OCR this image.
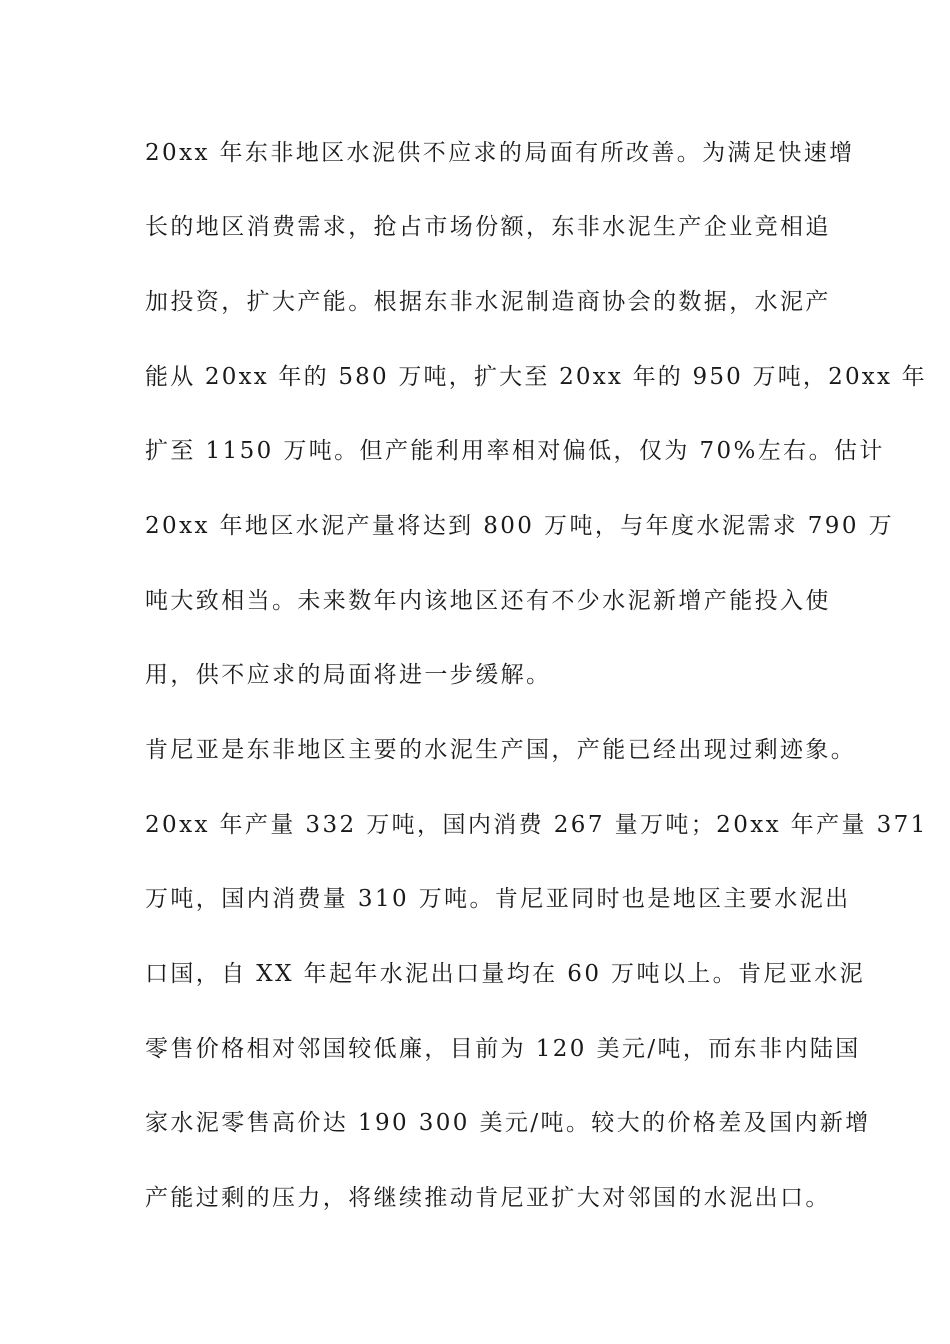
20xx 年东非地区水泥供不应求的局面有所改善。为满足快速增
长的地区消费需求，抢占市场份额，东非水泥生产企业竞相追
加投资，扩大产能。根据东非水泥制造商协会的数据，水泥产
能从 20xx 年的 580 万吨，扩大至 20xx 年的 950 万吨，20xx 年
扩至 1150 万吨。但产能利用率相对偏低，仅为 70%左右。估计
20xx 年地区水泥产量将达到 800 万吨，与年度水泥需求 790 万
吨大致相当。未来数年内该地区还有不少水泥新增产能投入使
用，供不应求的局面将进一步缓解。
肯尼亚是东非地区主要的水泥生产国，产能已经出现过剩迹象。
20xx 年产量 332 万吨，国内消费 267 量万吨；20xx 年产量 371
万吨，国内消费量 310 万吨。肯尼亚同时也是地区主要水泥出
口国，自 XX 年起年水泥出口量均在 60 万吨以上。肯尼亚水泥
零售价格相对邻国较低廉，目前为 120 美元/吨，而东非内陆国
家水泥零售高价达 190 300 美元/吨。较大的价格差及国内新增
产能过剩的压力，将继续推动肯尼亚扩大对邻国的水泥出口。
